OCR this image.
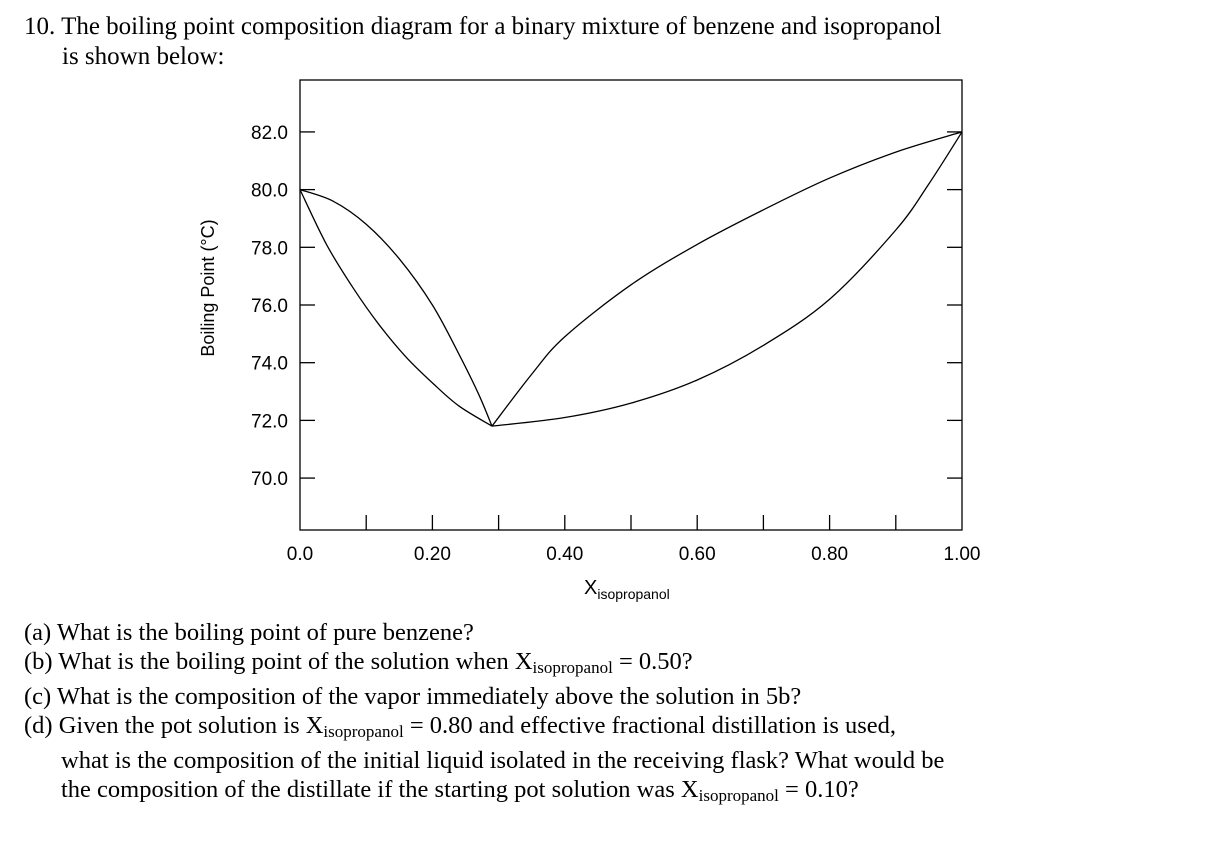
10. The boiling point composition diagram for a binary mixture of benzene and isopropanol
is shown below:
70.0
72.0
74.0
76.0
78.0
80.0
82.0
0.0	0.20	0.40	0.60	0.80	1.00
Boiling Point (°C)
$X_{isopropanol}$
(a) What is the boiling point of pure benzene?
(b) What is the boiling point of the solution when $X_{isopropanol} = 0.50$?
(c) What is the composition of the vapor immediately above the solution in 5b?
(d) Given the pot solution is $X_{isopropanol} = 0.80$ and effective fractional distillation is used,
what is the composition of the initial liquid isolated in the receiving flask? What would be
the composition of the distillate if the starting pot solution was $X_{isopropanol} = 0.10$?
